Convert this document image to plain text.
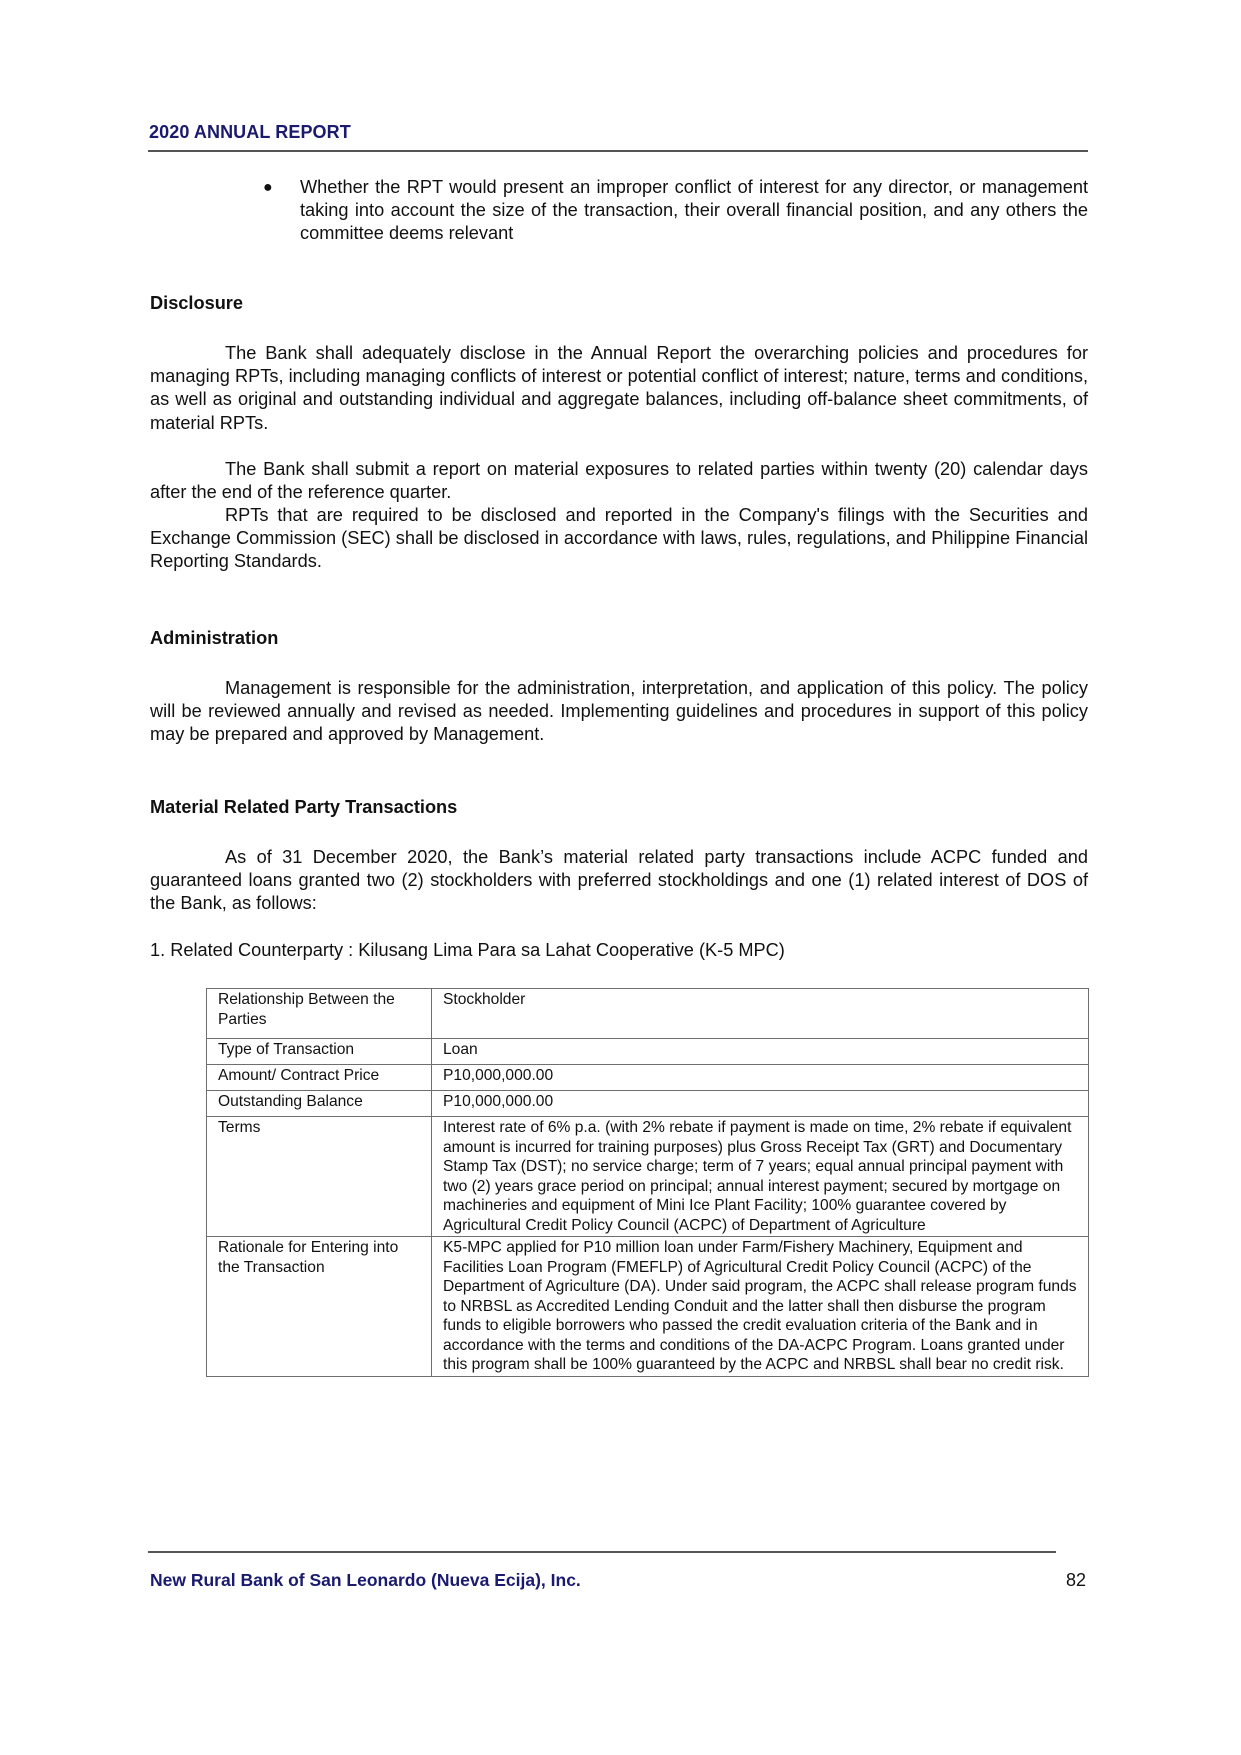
2020 ANNUAL REPORT
● Whether the RPT would present an improper conflict of interest for any director, or management taking into account the size of the transaction, their overall financial position, and any others the committee deems relevant
Disclosure
The Bank shall adequately disclose in the Annual Report the overarching policies and procedures for managing RPTs, including managing conflicts of interest or potential conflict of interest; nature, terms and conditions, as well as original and outstanding individual and aggregate balances, including off-balance sheet commitments, of material RPTs.
The Bank shall submit a report on material exposures to related parties within twenty (20) calendar days after the end of the reference quarter.
RPTs that are required to be disclosed and reported in the Company's filings with the Securities and Exchange Commission (SEC) shall be disclosed in accordance with laws, rules, regulations, and Philippine Financial Reporting Standards.
Administration
Management is responsible for the administration, interpretation, and application of this policy. The policy will be reviewed annually and revised as needed. Implementing guidelines and procedures in support of this policy may be prepared and approved by Management.
Material Related Party Transactions
As of 31 December 2020, the Bank’s material related party transactions include ACPC funded and guaranteed loans granted two (2) stockholders with preferred stockholdings and one (1) related interest of DOS of the Bank, as follows:
1. Related Counterparty : Kilusang Lima Para sa Lahat Cooperative (K-5 MPC)
Relationship Between the Parties	Stockholder
Type of Transaction	Loan
Amount/ Contract Price	P10,000,000.00
Outstanding Balance	P10,000,000.00
Terms	Interest rate of 6% p.a. (with 2% rebate if payment is made on time, 2% rebate if equivalent amount is incurred for training purposes) plus Gross Receipt Tax (GRT) and Documentary Stamp Tax (DST); no service charge; term of 7 years; equal annual principal payment with two (2) years grace period on principal; annual interest payment; secured by mortgage on machineries and equipment of Mini Ice Plant Facility; 100% guarantee covered by Agricultural Credit Policy Council (ACPC) of Department of Agriculture
Rationale for Entering into the Transaction	K5-MPC applied for P10 million loan under Farm/Fishery Machinery, Equipment and Facilities Loan Program (FMEFLP) of Agricultural Credit Policy Council (ACPC) of the Department of Agriculture (DA). Under said program, the ACPC shall release program funds to NRBSL as Accredited Lending Conduit and the latter shall then disburse the program funds to eligible borrowers who passed the credit evaluation criteria of the Bank and in accordance with the terms and conditions of the DA-ACPC Program. Loans granted under this program shall be 100% guaranteed by the ACPC and NRBSL shall bear no credit risk.
New Rural Bank of San Leonardo (Nueva Ecija), Inc.	82
